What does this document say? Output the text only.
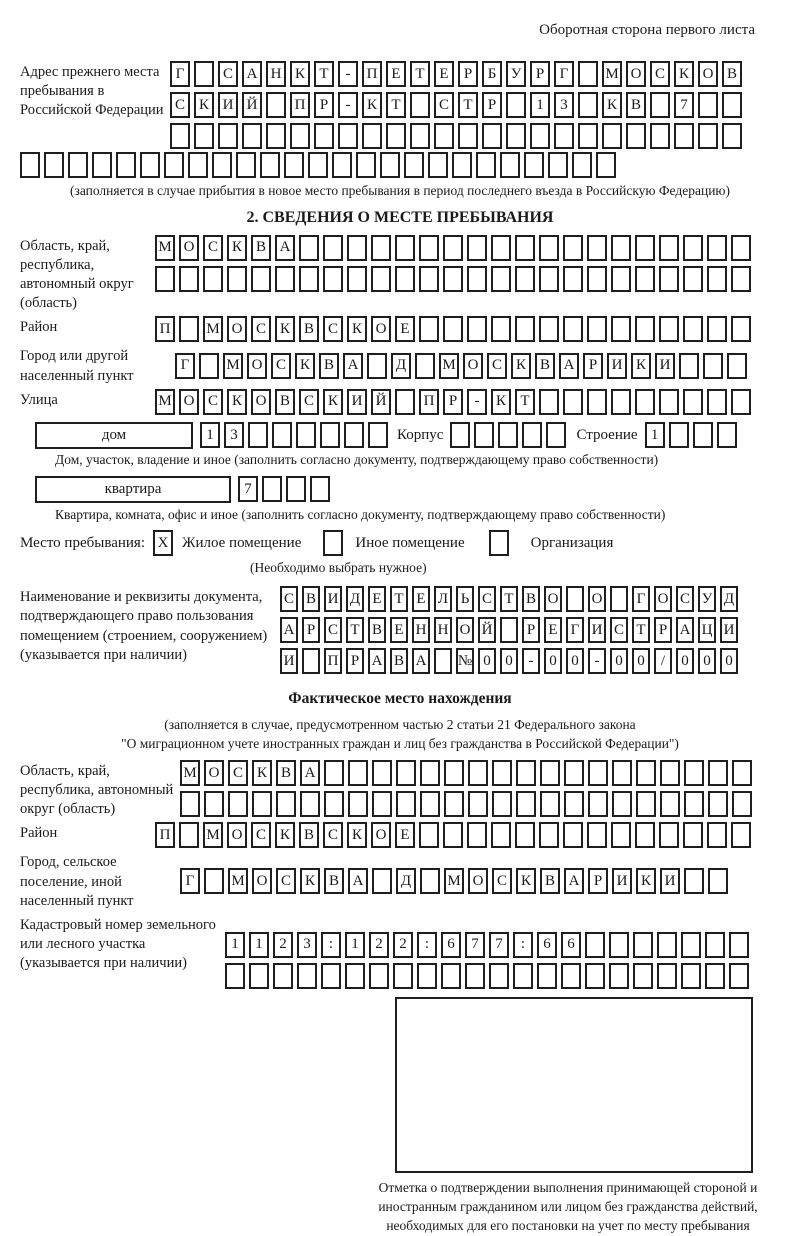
Оборотная сторона первого листа
Адрес прежнего места пребывания в Российской Федерации
Г	С А Н К Т	-	П Е Т Е	Р	Б У Р	Г	М О С К О В
С К И Й	П Р	-	К Т	С Т	Р	1	3	К В	7
(заполняется в случае прибытия в новое место пребывания в период последнего въезда в Российскую Федерацию)
2. СВЕДЕНИЯ О МЕСТЕ ПРЕБЫВАНИЯ
Область, край, республика, автономный округ (область)
М О С К В А
Район	П	М О С К В С К О Е
Город или другой населенный пункт
Г	М О С К В А	Д	М О С К В А Р И К И
Улица	М О С К О В С К И Й	П Р	-	К Т
дом	1	3	Корпус	Строение 1
Дом, участок, владение и иное (заполнить согласно документу, подтверждающему право собственности)
квартира	7
Квартира, комната, офис и иное (заполнить согласно документу, подтверждающему право собственности)
Место пребывания: X Жилое помещение	Иное помещение	Организация
(Необходимо выбрать нужное)
Наименование и реквизиты документа, подтверждающего право пользования помещением (строением, сооружением) (указывается при наличии)
С В И Д Е Т Е Л Ь С Т В О О	Г О С У Д
А Р С Т В Е Н Н О Й	Р Е Г И С Т Р А Ц И
И П Р А В А № 0 0	-	0 0	-	0 0	/	0 0 0
Фактическое место нахождения
(заполняется в случае, предусмотренном частью 2 статьи 21 Федерального закона
"О миграционном учете иностранных граждан и лиц без гражданства в Российской Федерации")
Область, край, республика, автономный округ (область)
М О С К В А
Район	П	М О С К В С К О Е
Город, сельское поселение, иной населенный пункт
Г	М О С К В А	Д	М О С К В А Р И К И
Кадастровый номер земельного или лесного участка (указывается при наличии)
1	1	2	3	:	1	2	2	:	6	7	7	:	6	6
Отметка о подтверждении выполнения принимающей стороной и иностранным гражданином или лицом без гражданства действий, необходимых для его постановки на учет по месту пребывания
